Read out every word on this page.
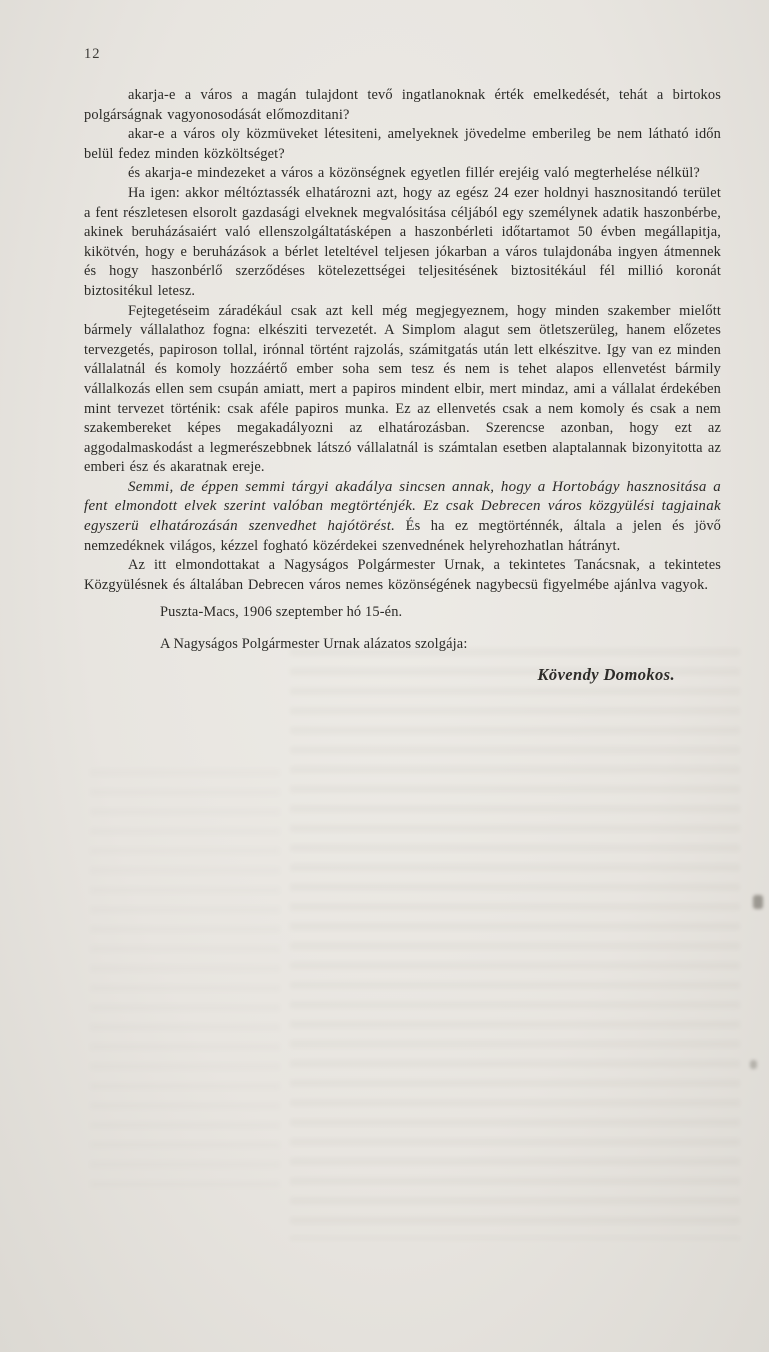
12

akarja-e a város a magán tulajdont tevő ingatlanoknak érték emelkedését, tehát a birtokos polgárságnak vagyonosodását előmozditani?

akar-e a város oly közmüveket létesiteni, amelyeknek jövedelme emberileg be nem látható időn belül fedez minden közköltséget?

és akarja-e mindezeket a város a közönségnek egyetlen fillér erejéig való megterhelése nélkül?

Ha igen: akkor méltóztassék elhatározni azt, hogy az egész 24 ezer holdnyi hasznositandó terület a fent részletesen elsorolt gazdasági elveknek megvalósitása céljából egy személynek adatik haszonbérbe, akinek beruházásaiért való ellenszolgáltatásképen a haszonbérleti időtartamot 50 évben megállapitja, kikötvén, hogy e beruházások a bérlet leteltével teljesen jókarban a város tulajdonába ingyen átmennek és hogy haszonbérlő szerződéses kötelezettségei teljesitésének biztositékául fél millió koronát biztositékul letesz.

Fejtegetéseim záradékául csak azt kell még megjegyeznem, hogy minden szakember mielőtt bármely vállalathoz fogna: elkésziti tervezetét. A Simplom alagut sem ötletszerüleg, hanem előzetes tervezgetés, papiroson tollal, irónnal történt rajzolás, számitgatás után lett elkészitve. Igy van ez minden vállalatnál és komoly hozzáértő ember soha sem tesz és nem is tehet alapos ellenvetést bármily vállalkozás ellen sem csupán amiatt, mert a papiros mindent elbir, mert mindaz, ami a vállalat érdekében mint tervezet történik: csak aféle papiros munka. Ez az ellenvetés csak a nem komoly és csak a nem szakembereket képes megakadályozni az elhatározásban. Szerencse azonban, hogy ezt az aggodalmaskodást a legmerészebbnek látszó vállalatnál is számtalan esetben alaptalannak bizonyitotta az emberi ész és akaratnak ereje.

Semmi, de éppen semmi tárgyi akadálya sincsen annak, hogy a Hortobágy hasznositása a fent elmondott elvek szerint valóban megtörténjék. Ez csak Debrecen város közgyülési tagjainak egyszerü elhatározásán szenvedhet hajótörést. És ha ez megtörténnék, általa a jelen és jövő nemzedéknek világos, kézzel fogható közérdekei szenvednének helyrehozhatlan hátrányt.

Az itt elmondottakat a Nagyságos Polgármester Urnak, a tekintetes Tanácsnak, a tekintetes Közgyülésnek és általában Debrecen város nemes közönségének nagybecsü figyelmébe ajánlva vagyok.

Puszta-Macs, 1906 szeptember hó 15-én.

A Nagyságos Polgármester Urnak alázatos szolgája:

Kövendy Domokos.
